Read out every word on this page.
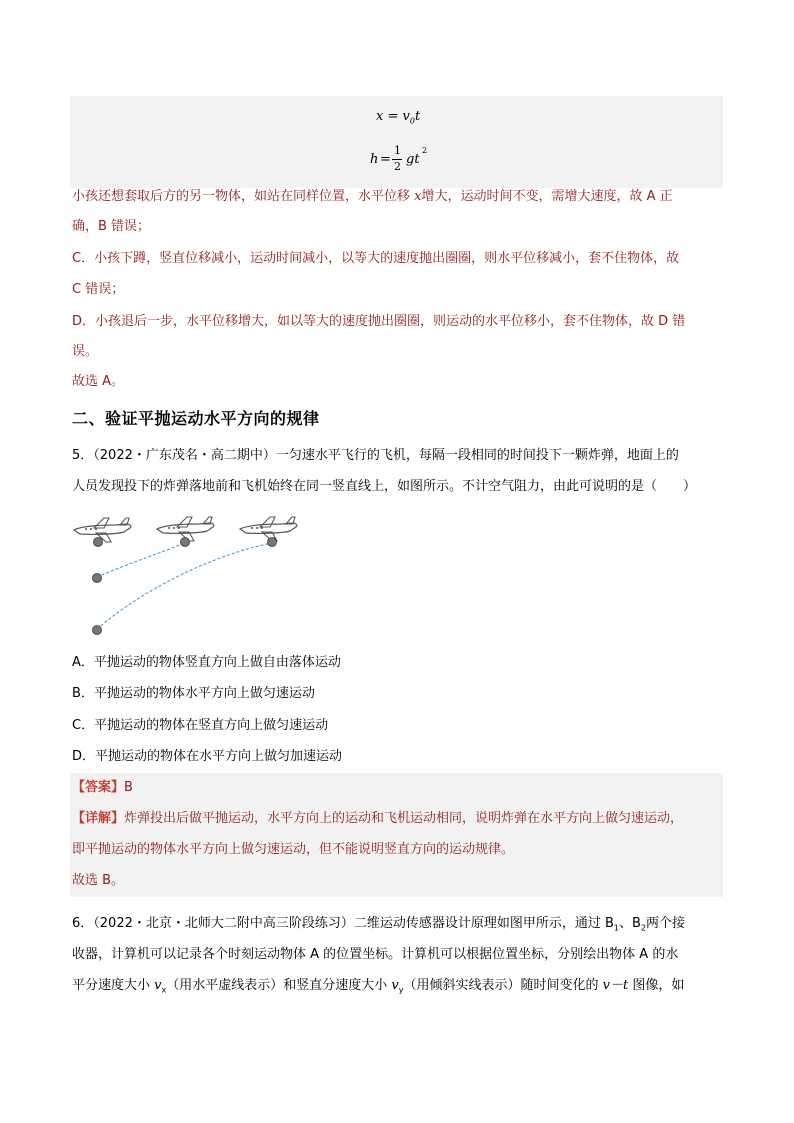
$x = v_0t$
h =
1
2 gt
2
小孩还想套取后方的另一物体，如站在同样位置，水平位移 x增大，运动时间不变，需增大速度，故 A 正
确，B 错误；
C．小孩下蹲，竖直位移减小，运动时间减小，以等大的速度抛出圈圈，则水平位移减小，套不住物体，故
C 错误；
D．小孩退后一步，水平位移增大，如以等大的速度抛出圈圈，则运动的水平位移小，套不住物体，故 D 错
误。
故选 A。
二、验证平抛运动水平方向的规律
5．（2022・广东茂名・高二期中）一匀速水平飞行的飞机，每隔一段相同的时间投下一颗炸弹，地面上的
人员发现投下的炸弹落地前和飞机始终在同一竖直线上，如图所示。不计空气阻力，由此可说明的是（　　）
A．平抛运动的物体竖直方向上做自由落体运动
B．平抛运动的物体水平方向上做匀速运动
C．平抛运动的物体在竖直方向上做匀速运动
D．平抛运动的物体在水平方向上做匀加速运动
【答案】B
【详解】炸弹投出后做平抛运动，水平方向上的运动和飞机运动相同，说明炸弹在水平方向上做匀速运动，
即平抛运动的物体水平方向上做匀速运动，但不能说明竖直方向的运动规律。
故选 B。
6．（2022・北京・北师大二附中高三阶段练习）二维运动传感器设计原理如图甲所示，通过 $B_1$、$B_2$两个接
收器，计算机可以记录各个时刻运动物体 A 的位置坐标。计算机可以根据位置坐标，分别绘出物体 A 的水
平分速度大小 $v_x$（用水平虚线表示）和竖直分速度大小 $v_y$（用倾斜实线表示）随时间变化的 v－t 图像，如
